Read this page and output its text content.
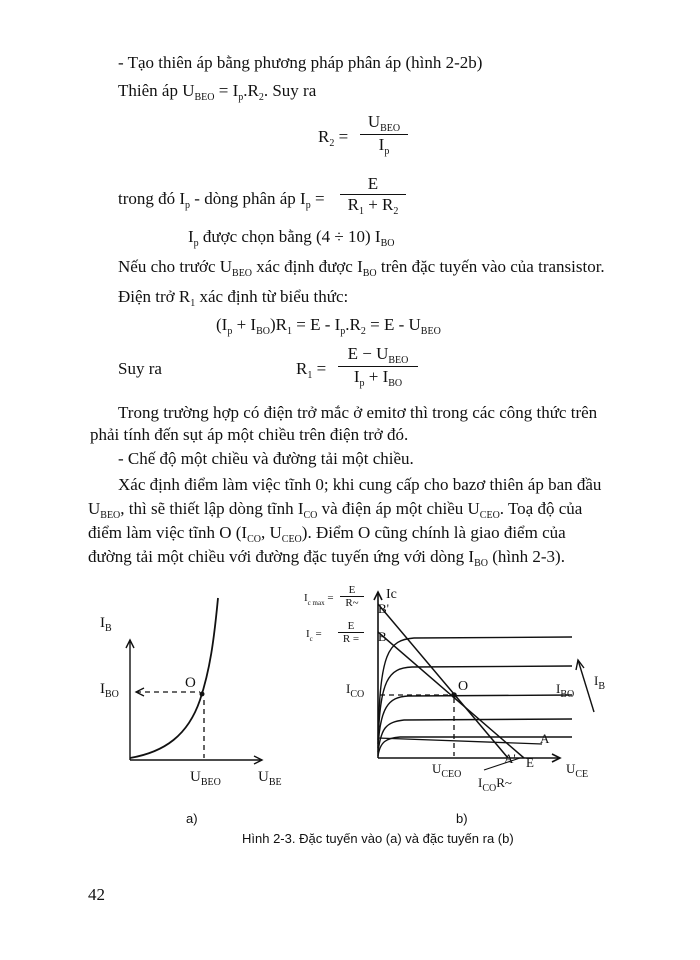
- Tạo thiên áp bằng phương pháp phân áp (hình 2-2b)
Thiên áp $U_{BEO} = I_p.R_2$. Suy ra
$R_2$ =
$U_{BEO}$
$I_p$
trong đó $I_p$ - dòng phân áp $I_p = \frac{E}{R_1 + R_2}$
$I_p$ được chọn bằng (4 ÷ 10) $I_{BO}$
Nếu cho trước $U_{BEO}$ xác định được $I_{BO}$ trên đặc tuyến vào của transistor.
Điện trở $R_1$ xác định từ biểu thức:
$(I_p + I_{BO})R_1 = E - I_p.R_2 = E - U_{BEO}$
Suy ra	$R_1$ =
$E - U_{BEO}$
$I_p + I_{BO}$
Trong trường hợp có điện trở mắc ở emitơ thì trong các công thức trên
phải tính đến sụt áp một chiều trên điện trở đó.
- Chế độ một chiều và đường tải một chiều.
Xác định điểm làm việc tĩnh 0; khi cung cấp cho bazơ thiên áp ban đầu
$U_{BEO}$, thì sẽ thiết lập dòng tĩnh $I_{CO}$ và điện áp một chiều $U_{CEO}$. Toạ độ của
điểm làm việc tĩnh O ($I_{CO}$, $U_{CEO}$). Điểm O cũng chính là giao điểm của
đường tải một chiều với đường đặc tuyến ứng với dòng $I_{BO}$ (hình 2-3).
$I_B$
$I_{BO}$
O
$U_{BEO}$ $U_{BE}$
a)
Ic
$I_{c max} = \frac{E}{R\sim}$
$I_c = \frac{E}{R =}$
B'
B
$I_{CO}$
O	$I_{BO}$
$I_B$
A
A' E
$U_{CEO}$	$U_{CE}$
$I_{CO}R\sim$
b)
Hình 2-3. Đặc tuyến vào (a) và đặc tuyến ra (b)
42
